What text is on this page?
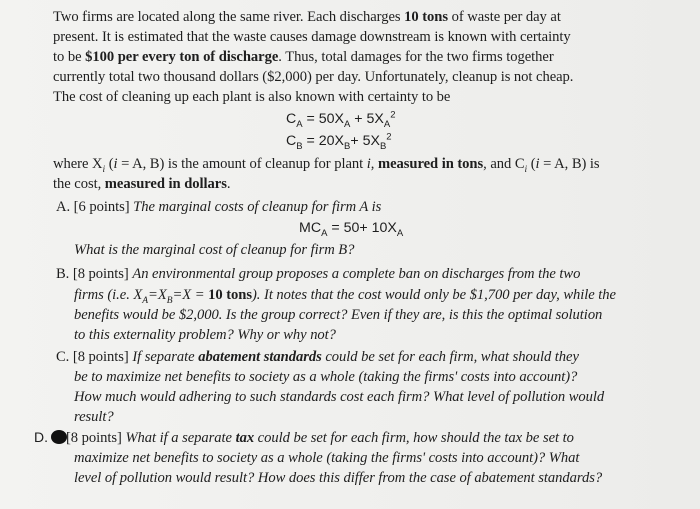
Two firms are located along the same river. Each discharges 10 tons of waste per day at
present. It is estimated that the waste causes damage downstream is known with certainty
to be $100 per every ton of discharge. Thus, total damages for the two firms together
currently total two thousand dollars ($2,000) per day. Unfortunately, cleanup is not cheap.
The cost of cleaning up each plant is also known with certainty to be
$C_A = 50X_A + 5X_A^2$
$C_B = 20X_B+ 5X_B^2$
where $X_i$ (i = A, B) is the amount of cleanup for plant i, measured in tons, and $C_i$ (i = A, B) is
the cost, measured in dollars.
A. [6 points] The marginal costs of cleanup for firm A is
$MC_A = 50+ 10X_A$
What is the marginal cost of cleanup for firm B?
B. [8 points] An environmental group proposes a complete ban on discharges from the two
firms (i.e. $X_A=X_B=X = 10$ tons). It notes that the cost would only be $1,700 per day, while the
benefits would be $2,000. Is the group correct? Even if they are, is this the optimal solution
to this externality problem? Why or why not?
C. [8 points] If separate abatement standards could be set for each firm, what should they
be to maximize net benefits to society as a whole (taking the firms' costs into account)?
How much would adhering to such standards cost each firm? What level of pollution would
result?
D. [8 points] What if a separate tax could be set for each firm, how should the tax be set to
maximize net benefits to society as a whole (taking the firms' costs into account)? What
level of pollution would result? How does this differ from the case of abatement standards?
